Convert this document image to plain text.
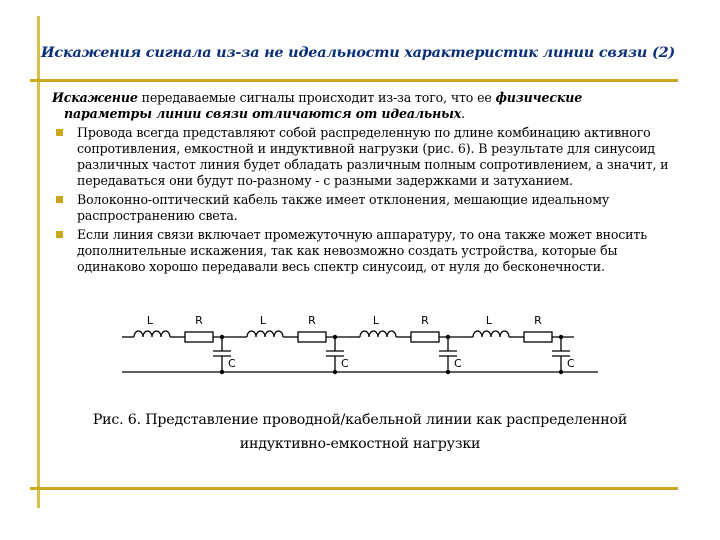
Искажения сигнала из-за не идеальности характеристик линии связи (2)

Искажение передаваемые сигналы происходит из-за того, что ее физические
параметры линии связи отличаются от идеальных.

Провода всегда представляют собой распределенную по длине комбинацию активного сопротивления, емкостной и индуктивной нагрузки (рис. 6). В результате для синусоид различных частот линия будет обладать различным полным сопротивлением, а значит, и передаваться они будут по-разному - с разными задержками и затуханием.
Волоконно-оптический кабель также имеет отклонения, мешающие идеальному распространению света.
Если линия связи включает промежуточную аппаратуру, то она также может вносить дополнительные искажения, так как невозможно создать устройства, которые бы одинаково хорошо передавали весь спектр синусоид, от нуля до бесконечности.
L	R
C
L	R
C
L	R
C
L	R
C
Рис. 6. Представление проводной/кабельной линии как распределенной
индуктивно-емкостной нагрузки
